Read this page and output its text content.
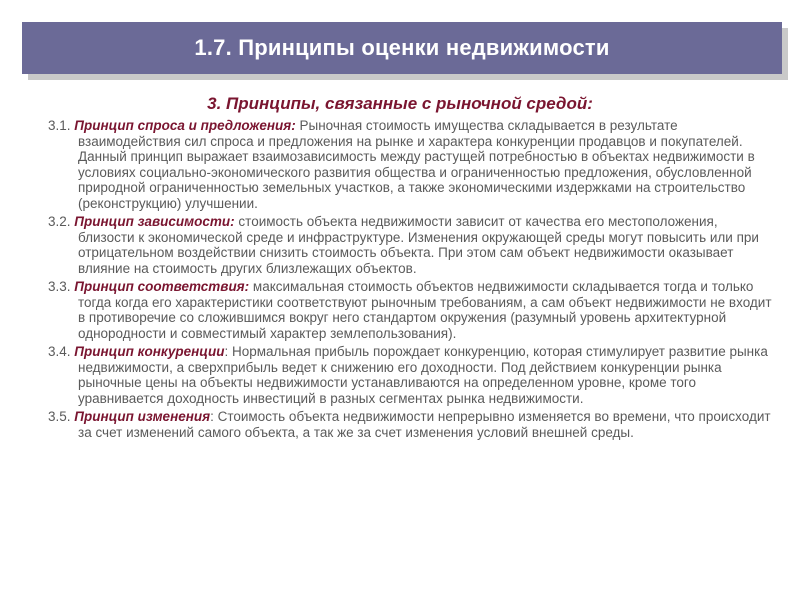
1.7. Принципы оценки недвижимости
3. Принципы, связанные с рыночной средой:
3.1. Принцип спроса и предложения: Рыночная стоимость имущества складывается в результате взаимодействия сил спроса и предложения на рынке и характера конкуренции продавцов и покупателей. Данный принцип выражает взаимозависимость между растущей потребностью в объектах недвижимости в условиях социально-экономического развития общества и ограниченностью предложения, обусловленной природной ограниченностью земельных участков, а также экономическими издержками на строительство (реконструкцию) улучшении.
3.2. Принцип зависимости: стоимость объекта недвижимости зависит от качества его местоположения, близости к экономической среде и инфраструктуре. Изменения окружающей среды могут повысить или при отрицательном воздействии снизить стоимость объекта. При этом сам объект недвижимости оказывает влияние на стоимость других близлежащих объектов.
3.3. Принцип соответствия: максимальная стоимость объектов недвижимости складывается тогда и только тогда когда его характеристики соответствуют рыночным требованиям, а сам объект недвижимости не входит в противоречие со сложившимся вокруг него стандартом окружения (разумный уровень архитектурной однородности и совместимый характер землепользования).
3.4. Принцип конкуренции: Нормальная прибыль порождает конкуренцию, которая стимулирует развитие рынка недвижимости, а сверхприбыль ведет к снижению его доходности. Под действием конкуренции рынка рыночные цены на объекты недвижимости устанавливаются на определенном уровне, кроме того уравнивается доходность инвестиций в разных сегментах рынка недвижимости.
3.5. Принцип изменения: Стоимость объекта недвижимости непрерывно изменяется во времени, что происходит за счет изменений самого объекта, а так же за счет изменения условий внешней среды.
